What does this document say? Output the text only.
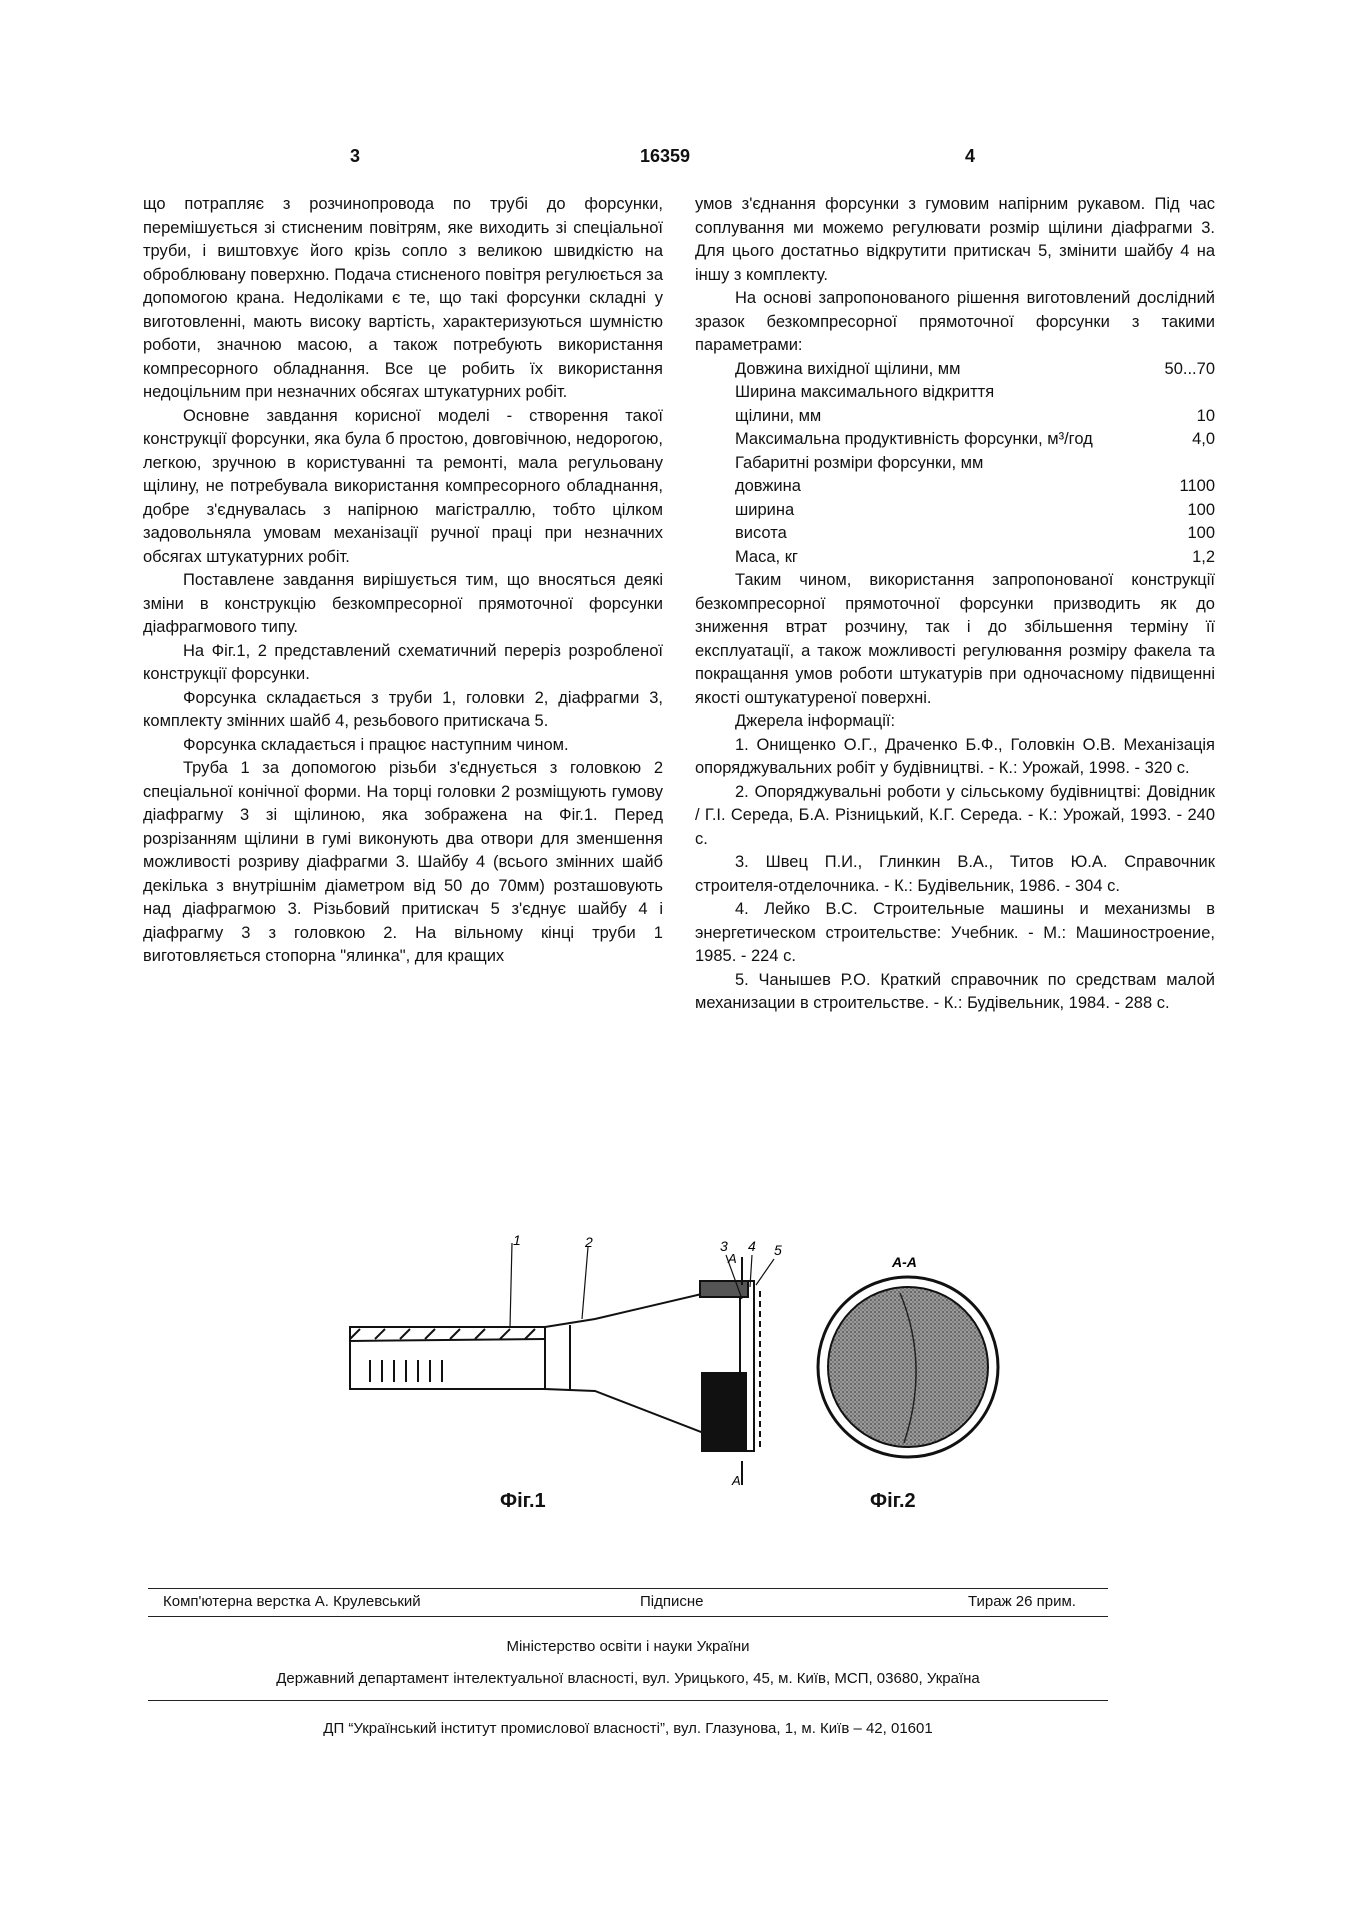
3	16359	4

що потрапляє з розчинопровода по трубі до форсунки, перемішується зі стисненим повітрям, яке виходить зі спеціальної труби, і виштовхує його крізь сопло з великою швидкістю на оброблювану поверхню. Подача стисненого повітря регулюється за допомогою крана. Недоліками є те, що такі форсунки складні у виготовленні, мають високу вартість, характеризуються шумністю роботи, значною масою, а також потребують використання компресорного обладнання. Все це робить їх використання недоцільним при незначних обсягах штукатурних робіт.

Основне завдання корисної моделі - створення такої конструкції форсунки, яка була б простою, довговічною, недорогою, легкою, зручною в користуванні та ремонті, мала регульовану щілину, не потребувала використання компресорного обладнання, добре з'єднувалась з напірною магістраллю, тобто цілком задовольняла умовам механізації ручної праці при незначних обсягах штукатурних робіт.

Поставлене завдання вирішується тим, що вносяться деякі зміни в конструкцію безкомпресорної прямоточної форсунки діафрагмового типу.

На Фіг.1, 2 представлений схематичний переріз розробленої конструкції форсунки.

Форсунка складається з труби 1, головки 2, діафрагми 3, комплекту змінних шайб 4, резьбового притискача 5.

Форсунка складається і працює наступним чином.

Труба 1 за допомогою різьби з'єднується з головкою 2 спеціальної конічної форми. На торці головки 2 розміщують гумову діафрагму 3 зі щілиною, яка зображена на Фіг.1. Перед розрізанням щілини в гумі виконують два отвори для зменшення можливості розриву діафрагми 3. Шайбу 4 (всього змінних шайб декілька з внутрішнім діаметром від 50 до 70мм) розташовують над діафрагмою 3. Різьбовий притискач 5 з'єднує шайбу 4 і діафрагму 3 з головкою 2. На вільному кінці труби 1 виготовляється стопорна "ялинка", для кращих

умов з'єднання форсунки з гумовим напірним рукавом. Під час соплування ми можемо регулювати розмір щілини діафрагми 3. Для цього достатньо відкрутити притискач 5, змінити шайбу 4 на іншу з комплекту.

На основі запропонованого рішення виготовлений дослідний зразок безкомпресорної прямоточної форсунки з такими параметрами:

Довжина вихідної щілини, мм	50...70
Ширина максимального відкриття
щілини, мм	10
Максимальна продуктивність форсунки, м³/год	4,0
Габаритні розміри форсунки, мм
довжина	1100
ширина	100
висота	100
Маса, кг	1,2

Таким чином, використання запропонованої конструкції безкомпресорної прямоточної форсунки призводить як до зниження втрат розчину, так і до збільшення терміну її експлуатації, а також можливості регулювання розміру факела та покращання умов роботи штукатурів при одночасному підвищенні якості оштукатуреної поверхні.

Джерела інформації:

1. Онищенко О.Г., Драченко Б.Ф., Головкін О.В. Механізація опоряджувальних робіт у будівництві. - К.: Урожай, 1998. - 320 с.

2. Опоряджувальні роботи у сільському будівництві: Довідник / Г.І. Середа, Б.А. Різницький, К.Г. Середа. - К.: Урожай, 1993. - 240 с.

3. Швец П.И., Глинкин В.А., Титов Ю.А. Справочник строителя-отделочника. - К.: Будівельник, 1986. - 304 с.

4. Лейко В.С. Строительные машины и механизмы в энергетическом строительстве: Учебник. - М.: Машиностроение, 1985. - 224 с.

5. Чанышев Р.О. Краткий справочник по средствам малой механизации в строительстве. - К.: Будівельник, 1984. - 288 с.

1	2	3 4 5
A
A
А-А
Фіг.1	Фіг.2
Комп'ютерна верстка А. Крулевський	Підписне	Тираж 26 прим.
Міністерство освіти і науки України
Державний департамент інтелектуальної власності, вул. Урицького, 45, м. Київ, МСП, 03680, Україна
ДП “Український інститут промислової власності”, вул. Глазунова, 1, м. Київ – 42, 01601
